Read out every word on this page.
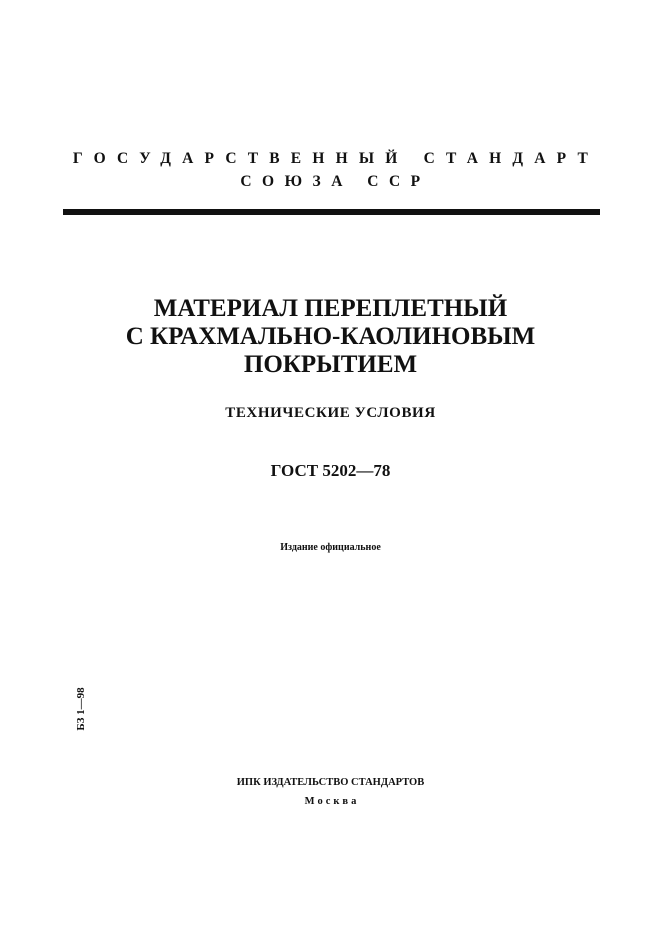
ГОСУДАРСТВЕННЫЙ СТАНДАРТ
СОЮЗА ССР
МАТЕРИАЛ ПЕРЕПЛЕТНЫЙ
С КРАХМАЛЬНО-КАОЛИНОВЫМ
ПОКРЫТИЕМ
ТЕХНИЧЕСКИЕ УСЛОВИЯ
ГОСТ 5202—78
Издание официальное
БЗ 1—98
ИПК ИЗДАТЕЛЬСТВО СТАНДАРТОВ
Москва
